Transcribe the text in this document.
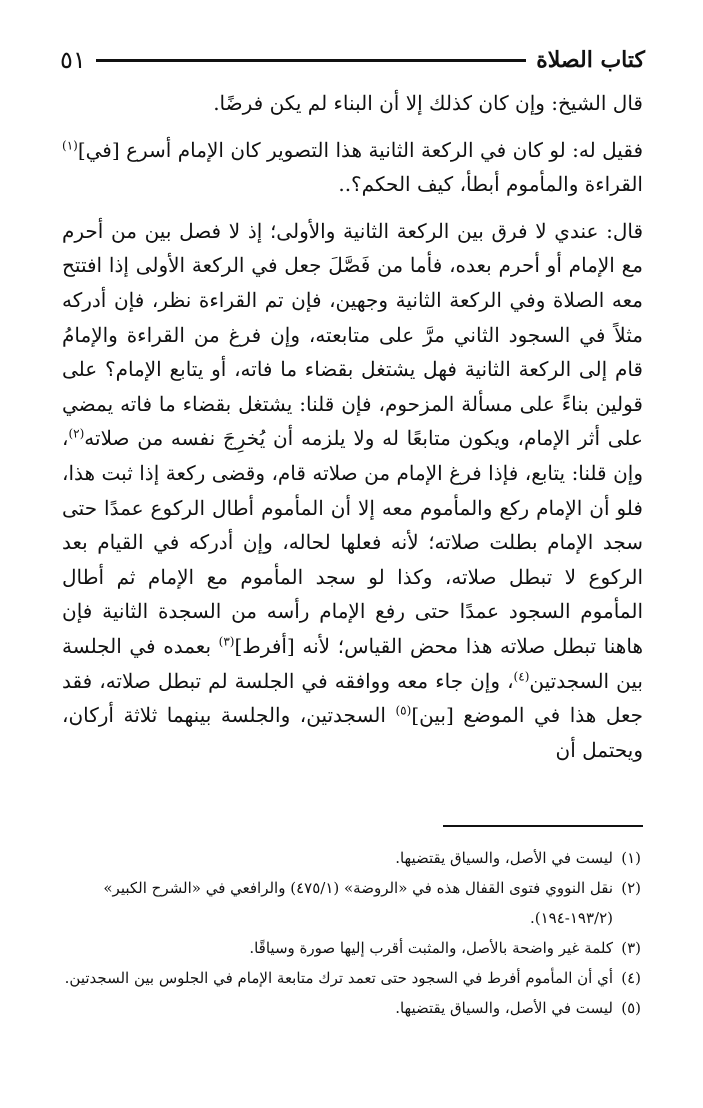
كتاب الصلاة
٥١

قال الشيخ: وإن كان كذلك إلا أن البناء لم يكن فرضًا.

فقيل له: لو كان في الركعة الثانية هذا التصوير كان الإمام أسرع [في]$^{(١)}$ القراءة والمأموم أبطأ، كيف الحكم؟..

قال: عندي لا فرق بين الركعة الثانية والأولى؛ إذ لا فصل بين من أحرم مع الإمام أو أحرم بعده، فأما من فَصَّلَ جعل في الركعة الأولى إذا افتتح معه الصلاة وفي الركعة الثانية وجهين، فإن تم القراءة نظر، فإن أدركه مثلاً في السجود الثاني مرَّ على متابعته، وإن فرغ من القراءة والإمامُ قام إلى الركعة الثانية فهل يشتغل بقضاء ما فاته، أو يتابع الإمام؟ على قولين بناءً على مسألة المزحوم، فإن قلنا: يشتغل بقضاء ما فاته يمضي على أثر الإمام، ويكون متابعًا له ولا يلزمه أن يُخرِجَ نفسه من صلاته$^{(٢)}$، وإن قلنا: يتابع، فإذا فرغ الإمام من صلاته قام، وقضى ركعة إذا ثبت هذا، فلو أن الإمام ركع والمأموم معه إلا أن المأموم أطال الركوع عمدًا حتى سجد الإمام بطلت صلاته؛ لأنه فعلها لحاله، وإن أدركه في القيام بعد الركوع لا تبطل صلاته، وكذا لو سجد المأموم مع الإمام ثم أطال المأموم السجود عمدًا حتى رفع الإمام رأسه من السجدة الثانية فإن هاهنا تبطل صلاته هذا محض القياس؛ لأنه [أفرط]$^{(٣)}$ بعمده في الجلسة بين السجدتين$^{(٤)}$، وإن جاء معه ووافقه في الجلسة لم تبطل صلاته، فقد جعل هذا في الموضع [بين]$^{(٥)}$ السجدتين، والجلسة بينهما ثلاثة أركان، ويحتمل أن

(١)
ليست في الأصل، والسياق يقتضيها.
(٢)
نقل النووي فتوى القفال هذه في «الروضة» (٤٧٥/١) والرافعي في «الشرح الكبير»
(١٩٣/٢-١٩٤).
(٣)
كلمة غير واضحة بالأصل، والمثبت أقرب إليها صورة وسياقًا.
(٤)
أي أن المأموم أفرط في السجود حتى تعمد ترك متابعة الإمام في الجلوس بين السجدتين.
(٥)
ليست في الأصل، والسياق يقتضيها.
